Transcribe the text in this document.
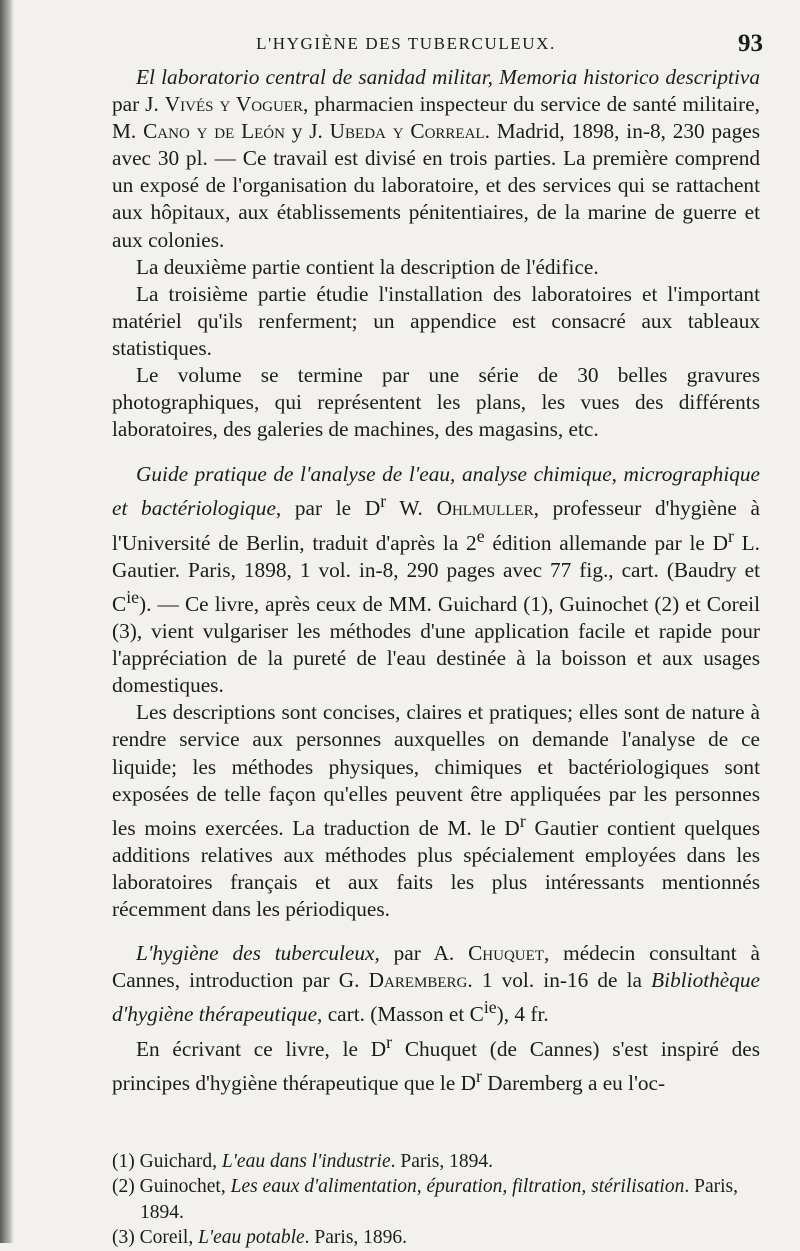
L'HYGIÈNE DES TUBERCULEUX.	93

El laboratorio central de sanidad militar, Memoria historico descriptiva par J. Vivés y Voguer, pharmacien inspecteur du service de santé militaire, M. Cano y de León y J. Ubeda y Correal. Madrid, 1898, in-8, 230 pages avec 30 pl. — Ce travail est divisé en trois parties. La première comprend un exposé de l'organisation du laboratoire, et des services qui se rattachent aux hôpitaux, aux établissements pénitentiaires, de la marine de guerre et aux colonies.

La deuxième partie contient la description de l'édifice.

La troisième partie étudie l'installation des laboratoires et l'important matériel qu'ils renferment; un appendice est consacré aux tableaux statistiques.

Le volume se termine par une série de 30 belles gravures photographiques, qui représentent les plans, les vues des différents laboratoires, des galeries de machines, des magasins, etc.

Guide pratique de l'analyse de l'eau, analyse chimique, micrographique et bactériologique, par le $D^r$ W. Ohlmuller, professeur d'hygiène à l'Université de Berlin, traduit d'après la 2e édition allemande par le $D^r$ L. Gautier. Paris, 1898, 1 vol. in-8, 290 pages avec 77 fig., cart. (Baudry et $C^{ie}$). — Ce livre, après ceux de MM. Guichard (1), Guinochet (2) et Coreil (3), vient vulgariser les méthodes d'une application facile et rapide pour l'appréciation de la pureté de l'eau destinée à la boisson et aux usages domestiques.

Les descriptions sont concises, claires et pratiques; elles sont de nature à rendre service aux personnes auxquelles on demande l'analyse de ce liquide; les méthodes physiques, chimiques et bactériologiques sont exposées de telle façon qu'elles peuvent être appliquées par les personnes les moins exercées. La traduction de M. le $D^r$ Gautier contient quelques additions relatives aux méthodes plus spécialement employées dans les laboratoires français et aux faits les plus intéressants mentionnés récemment dans les périodiques.

L'hygiène des tuberculeux, par A. Chuquet, médecin consultant à Cannes, introduction par G. Daremberg. 1 vol. in-16 de la Bibliothèque d'hygiène thérapeutique, cart. (Masson et $C^{ie}$), 4 fr.

En écrivant ce livre, le $D^r$ Chuquet (de Cannes) s'est inspiré des principes d'hygiène thérapeutique que le $D^r$ Daremberg a eu l'oc-

(1) Guichard, L'eau dans l'industrie. Paris, 1894.

(2) Guinochet, Les eaux d'alimentation, épuration, filtration, stérilisation. Paris, 1894.

(3) Coreil, L'eau potable. Paris, 1896.
